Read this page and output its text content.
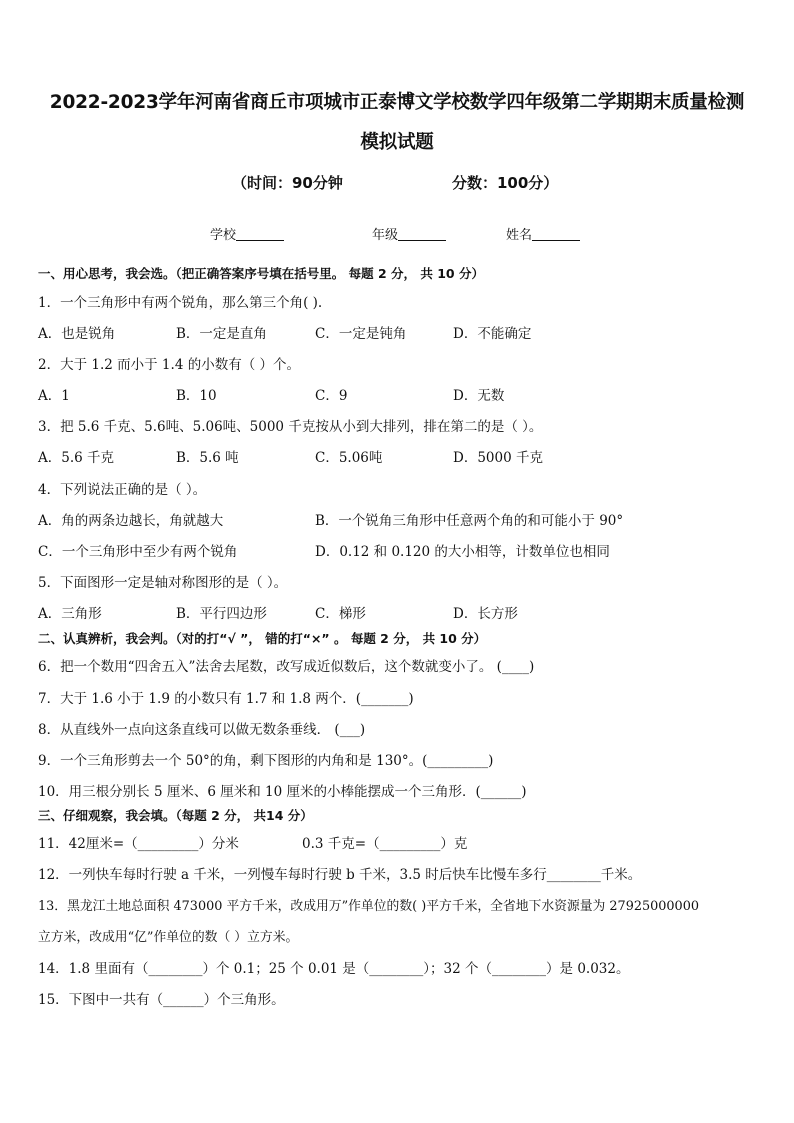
2022-2023学年河南省商丘市项城市正泰博文学校数学四年级第二学期期末质量检测
模拟试题
（时间：90分钟	分数：100分）
学校	年级	姓名
一、用心思考，我会选。（把正确答案序号填在括号里。 每题 2 分， 共 10 分）
1．一个三角形中有两个锐角，那么第三个角( ).
A．也是锐角	B．一定是直角	C．一定是钝角	D．不能确定
2．大于 1.2 而小于 1.4 的小数有（ ）个。
A．1	B．10	C．9	D．无数
3．把 5.6 千克、5.6吨、5.06吨、5000 千克按从小到大排列，排在第二的是（ ）。
A．5.6 千克	B．5.6 吨	C．5.06吨	D．5000 千克
4．下列说法正确的是（ ）。
A．角的两条边越长，角就越大	B．一个锐角三角形中任意两个角的和可能小于 90°
C．一个三角形中至少有两个锐角	D．0.12 和 0.120 的大小相等，计数单位也相同
5．下面图形一定是轴对称图形的是（ ）。
A．三角形	B．平行四边形	C．梯形	D．长方形
二、认真辨析，我会判。（对的打“√ ”， 错的打“×” 。 每题 2 分， 共 10 分）
6．把一个数用“四舍五入”法舍去尾数，改写成近似数后，这个数就变小了。 (____)
7．大于 1.6 小于 1.9 的小数只有 1.7 和 1.8 两个．(_______)
8．从直线外一点向这条直线可以做无数条垂线． (___)
9．一个三角形剪去一个 50°的角，剩下图形的内角和是 130°。(_________)
10．用三根分别长 5 厘米、6 厘米和 10 厘米的小棒能摆成一个三角形．(______)
三、仔细观察，我会填。（每题 2 分， 共14 分）
11．42厘米=（_________）分米	0.3 千克=（_________）克
12．一列快车每时行驶 a 千米，一列慢车每时行驶 b 千米，3.5 时后快车比慢车多行________千米。
13．黑龙江土地总面积 473000 平方千米，改成用万”作单位的数( )平方千米，全省地下水资源量为 27925000000
立方米，改成用“亿”作单位的数（ ）立方米。
14．1.8 里面有（________）个 0.1；25 个 0.01 是（________）；32 个（________）是 0.032。
15．下图中一共有（______）个三角形。
